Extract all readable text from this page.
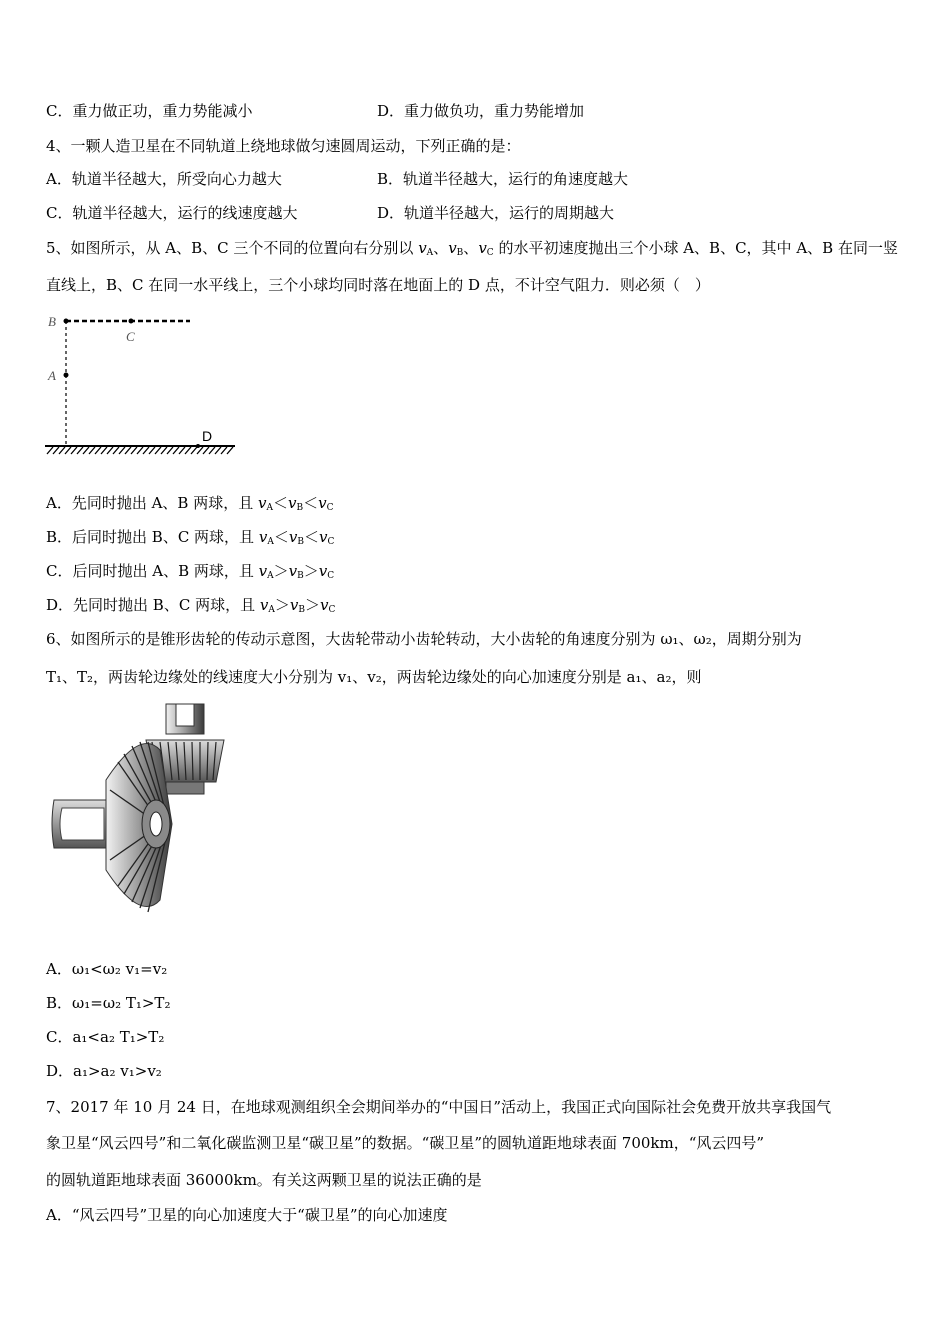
C．重力做正功，重力势能减小	D．重力做负功，重力势能增加
4、一颗人造卫星在不同轨道上绕地球做匀速圆周运动，下列正确的是：
A．轨道半径越大，所受向心力越大	B．轨道半径越大，运行的角速度越大
C．轨道半径越大，运行的线速度越大	D．轨道半径越大，运行的周期越大
5、如图所示，从 A、B、C 三个不同的位置向右分别以 $v_A$、$v_B$、$v_C$ 的水平初速度抛出三个小球 A、B、C，其中 A、B 在同一竖
直线上，B、C 在同一水平线上，三个小球均同时落在地面上的 D 点，不计空气阻力．则必须（　）
B
C
A
D
A．先同时抛出 A、B 两球，且 $v_A<v_B<v_C$
B．后同时抛出 B、C 两球，且 $v_A<v_B<v_C$
C．后同时抛出 A、B 两球，且 $v_A>v_B>v_C$
D．先同时抛出 B、C 两球，且 $v_A>v_B>v_C$
6、如图所示的是锥形齿轮的传动示意图，大齿轮带动小齿轮转动，大小齿轮的角速度分别为 ω₁、ω₂，周期分别为
T₁、T₂，两齿轮边缘处的线速度大小分别为 v₁、v₂，两齿轮边缘处的向心加速度分别是 a₁、a₂，则
A．ω₁<ω₂ v₁=v₂
B．ω₁=ω₂ T₁>T₂
C．a₁<a₂ T₁>T₂
D．a₁>a₂ v₁>v₂
7、2017 年 10 月 24 日，在地球观测组织全会期间举办的“中国日”活动上，我国正式向国际社会免费开放共享我国气
象卫星“风云四号”和二氧化碳监测卫星“碳卫星”的数据。“碳卫星”的圆轨道距地球表面 700km，“风云四号”
的圆轨道距地球表面 36000km。有关这两颗卫星的说法正确的是
A．“风云四号”卫星的向心加速度大于“碳卫星”的向心加速度
